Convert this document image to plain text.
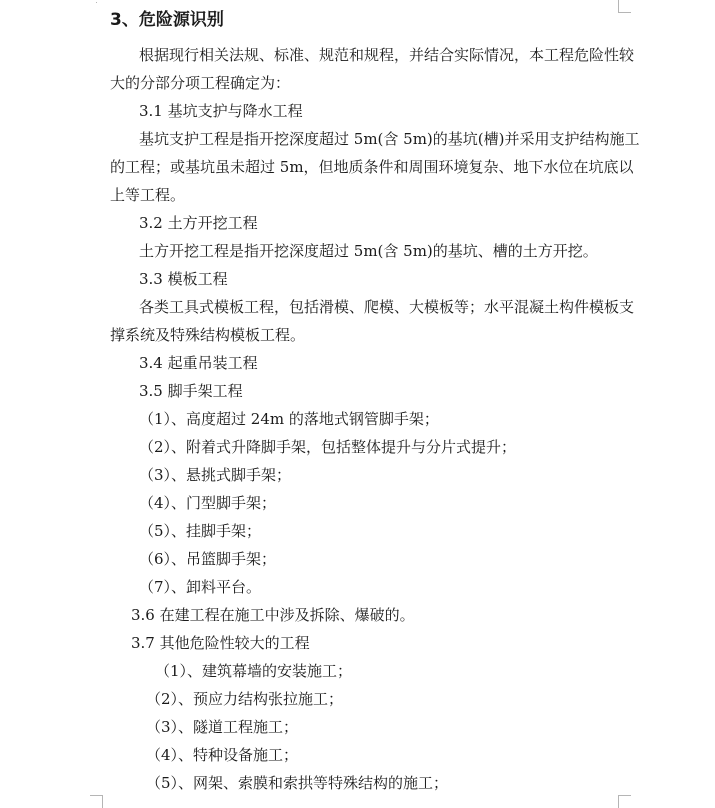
3、危险源识别
根据现行相关法规、标准、规范和规程，并结合实际情况，本工程危险性较
大的分部分项工程确定为：
3.1 基坑支护与降水工程
基坑支护工程是指开挖深度超过 5m(含 5m)的基坑(槽)并采用支护结构施工
的工程；或基坑虽未超过 5m，但地质条件和周围环境复杂、地下水位在坑底以
上等工程。
3.2 土方开挖工程
土方开挖工程是指开挖深度超过 5m(含 5m)的基坑、槽的土方开挖。
3.3 模板工程
各类工具式模板工程，包括滑模、爬模、大模板等；水平混凝土构件模板支
撑系统及特殊结构模板工程。
3.4 起重吊装工程
3.5 脚手架工程
（1）、高度超过 24m 的落地式钢管脚手架；
（2）、附着式升降脚手架，包括整体提升与分片式提升；
（3）、悬挑式脚手架；
（4）、门型脚手架；
（5）、挂脚手架；
（6）、吊篮脚手架；
（7）、卸料平台。
3.6 在建工程在施工中涉及拆除、爆破的。
3.7 其他危险性较大的工程
（1）、建筑幕墙的安装施工；
（2）、预应力结构张拉施工；
（3）、隧道工程施工；
（4）、特种设备施工；
（5）、网架、索膜和索拱等特殊结构的施工；
